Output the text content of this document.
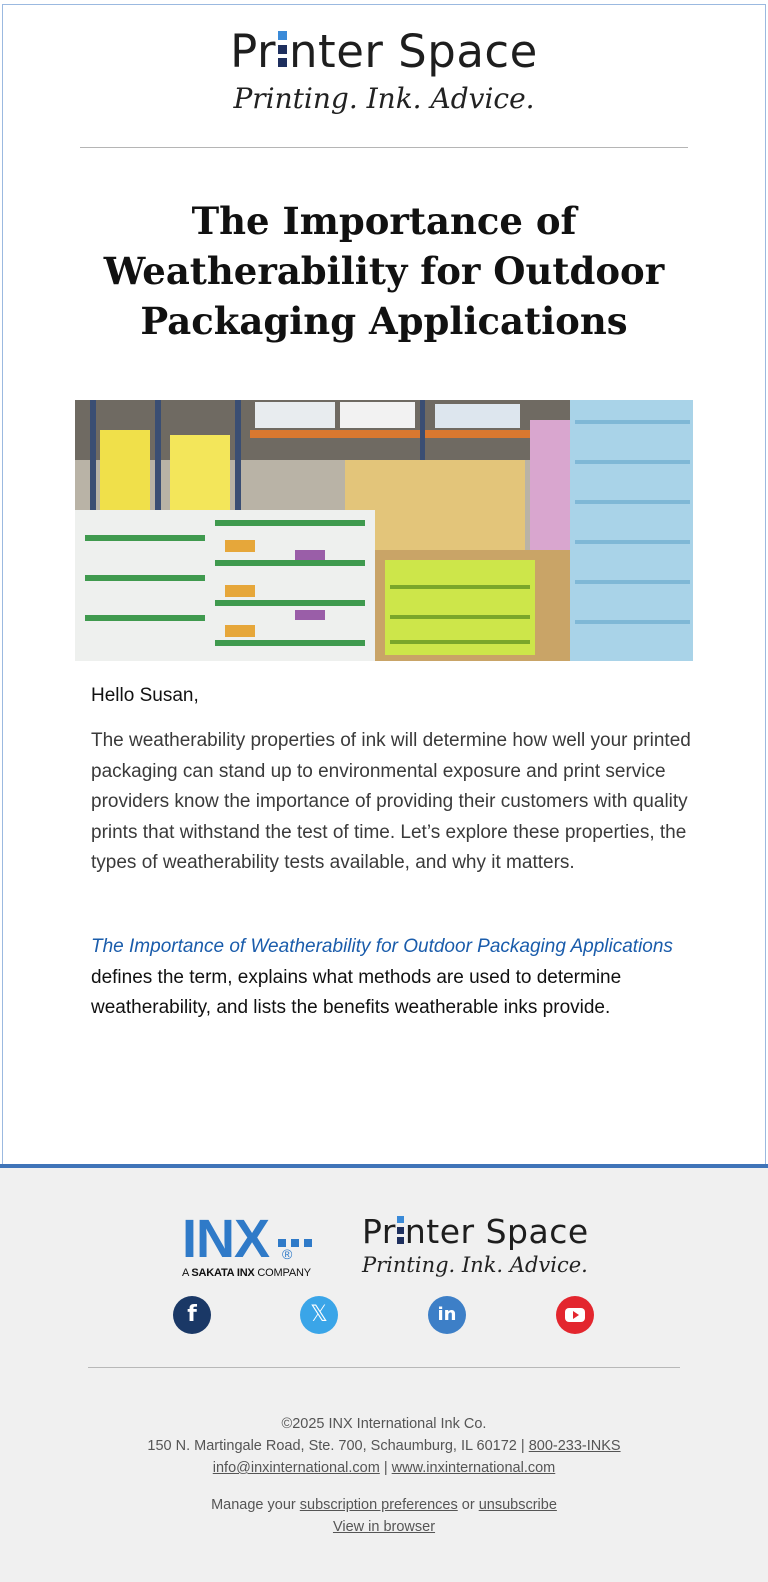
Pr nter Space
Printing. Ink. Advice.
The Importance of Weatherability for Outdoor Packaging Applications
Hello Susan,

The weatherability properties of ink will determine how well your printed packaging can stand up to environmental exposure and print service providers know the importance of providing their customers with quality prints that withstand the test of time. Let’s explore these properties, the types of weatherability tests available, and why it matters.

The Importance of Weatherability for Outdoor Packaging Applications defines the term, explains what methods are used to determine weatherability, and lists the benefits weatherable inks provide.

INX ®
A SAKATA INX COMPANY
Pr nter Space
Printing. Ink. Advice.
f	𝕏	in
©2025 INX International Ink Co.
150 N. Martingale Road, Ste. 700, Schaumburg, IL 60172 | 800-233-INKS
info@inxinternational.com | www.inxinternational.com
Manage your subscription preferences or unsubscribe
View in browser
